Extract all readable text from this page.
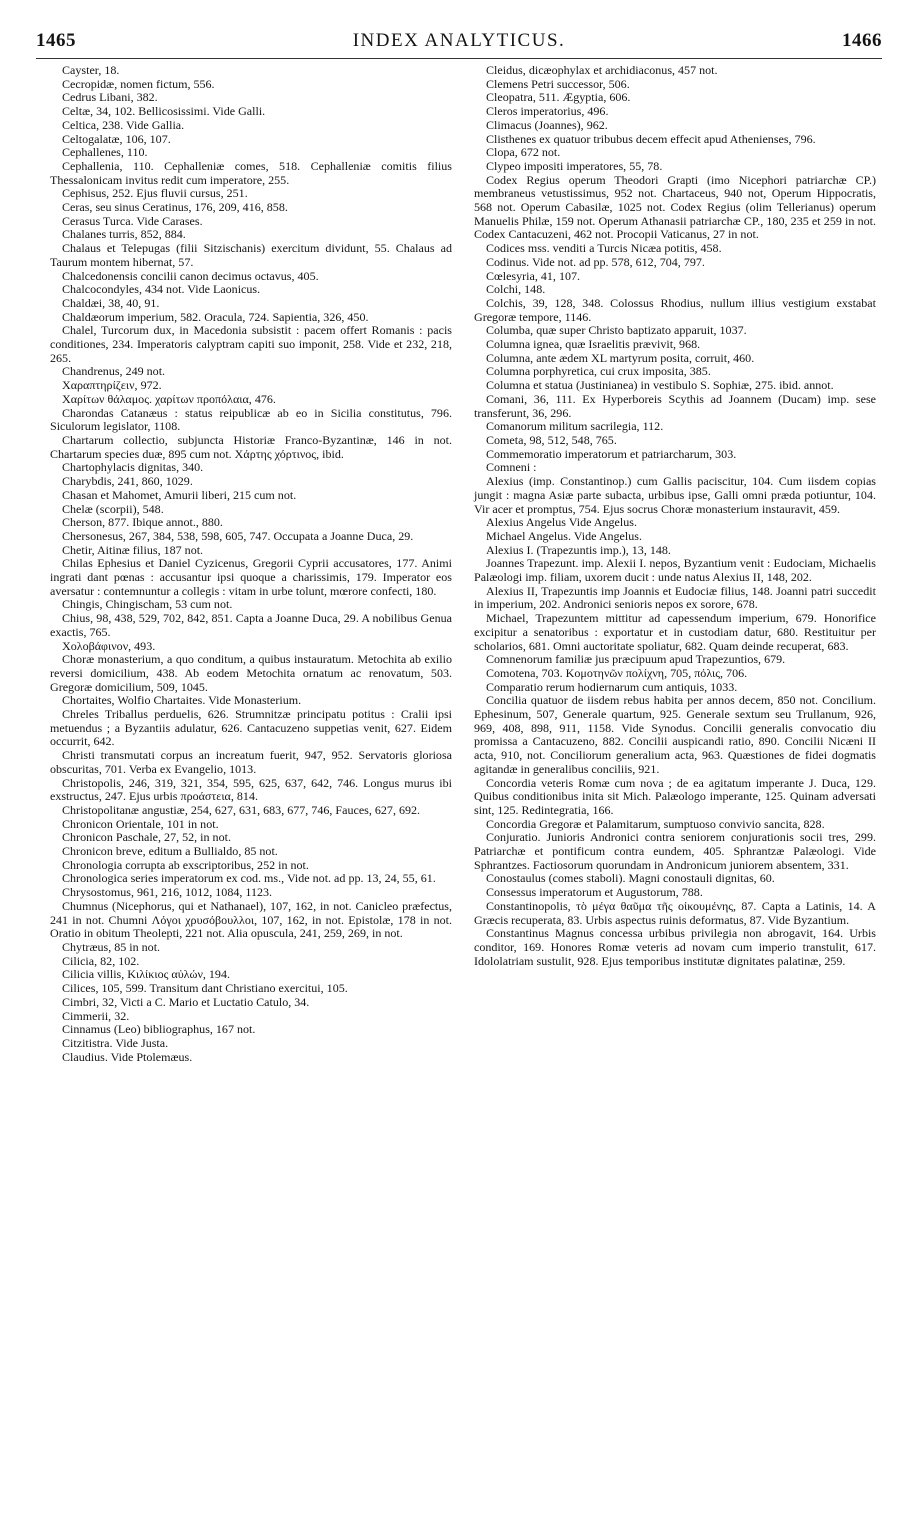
INDEX ANALYTICUS.
1465	1466

Cayster, 18.

Cecropidæ, nomen fictum, 556.

Cedrus Libani, 382.

Celtæ, 34, 102. Bellicosissimi. Vide Galli.

Celtica, 238. Vide Gallia.

Celtogalatæ, 106, 107.

Cephallenes, 110.

Cephallenia, 110. Cephalleniæ comes, 518. Cephalleniæ comitis filius Thessalonicam invitus redit cum imperatore, 255.

Cephisus, 252. Ejus fluvii cursus, 251.

Ceras, seu sinus Ceratinus, 176, 209, 416, 858.

Cerasus Turca. Vide Carases.

Chalanes turris, 852, 884.

Chalaus et Telepugas (filii Sitzischanis) exercitum dividunt, 55. Chalaus ad Taurum montem hibernat, 57.

Chalcedonensis concilii canon decimus octavus, 405.

Chalcocondyles, 434 not. Vide Laonicus.

Chaldæi, 38, 40, 91.

Chaldæorum imperium, 582. Oracula, 724. Sapientia, 326, 450.

Chalel, Turcorum dux, in Macedonia subsistit : pacem offert Romanis : pacis conditiones, 234. Imperatoris calyptram capiti suo imponit, 258. Vide et 232, 218, 265.

Chandrenus, 249 not.

Χαραπτηρίζειν, 972.

Χαρίτων θάλαμος. χαρίτων προπόλαια, 476.

Charondas Catanæus : status reipublicæ ab eo in Sicilia constitutus, 796. Siculorum legislator, 1108.

Chartarum collectio, subjuncta Historiæ Franco-Byzantinæ, 146 in not. Chartarum species duæ, 895 cum not. Χάρτης χόρτινος, ibid.

Chartophylacis dignitas, 340.

Charybdis, 241, 860, 1029.

Chasan et Mahomet, Amurii liberi, 215 cum not.

Chelæ (scorpii), 548.

Cherson, 877. Ibique annot., 880.

Chersonesus, 267, 384, 538, 598, 605, 747. Occupata a Joanne Duca, 29.

Chetir, Aitinæ filius, 187 not.

Chilas Ephesius et Daniel Cyzicenus, Gregorii Cyprii accusatores, 177. Animi ingrati dant pœnas : accusantur ipsi quoque a charissimis, 179. Imperator eos aversatur : contemnuntur a collegis : vitam in urbe tolunt, mœrore confecti, 180.

Chingis, Chingischam, 53 cum not.

Chius, 98, 438, 529, 702, 842, 851. Capta a Joanne Duca, 29. A nobilibus Genua exactis, 765.

Χολοβάφινον, 493.

Choræ monasterium, a quo conditum, a quibus instauratum. Metochita ab exilio reversi domicilium, 438. Ab eodem Metochita ornatum ac renovatum, 503. Gregoræ domicilium, 509, 1045.

Chortaites, Wolfio Chartaites. Vide Monasterium.

Chreles Triballus perduelis, 626. Strumnitzæ principatu potitus : Cralii ipsi metuendus ; a Byzantiis adulatur, 626. Cantacuzeno suppetias venit, 627. Eidem occurrit, 642.

Christi transmutati corpus an increatum fuerit, 947, 952. Servatoris gloriosa obscuritas, 701. Verba ex Evangelio, 1013.

Christopolis, 246, 319, 321, 354, 595, 625, 637, 642, 746. Longus murus ibi exstructus, 247. Ejus urbis προάστεια, 814.

Christopolitanæ angustiæ, 254, 627, 631, 683, 677, 746, Fauces, 627, 692.

Chronicon Orientale, 101 in not.

Chronicon Paschale, 27, 52, in not.

Chronicon breve, editum a Bullialdo, 85 not.

Chronologia corrupta ab exscriptoribus, 252 in not.

Chronologica series imperatorum ex cod. ms., Vide not. ad pp. 13, 24, 55, 61.

Chrysostomus, 961, 216, 1012, 1084, 1123.

Chumnus (Nicephorus, qui et Nathanael), 107, 162, in not. Caniclео præfectus, 241 in not. Chumni Λόγοι χρυσόβουλλοι, 107, 162, in not. Epistolæ, 178 in not. Oratio in obitum Theolepti, 221 not. Alia opuscula, 241, 259, 269, in not.

Chytræus, 85 in not.

Cilicia, 82, 102.

Cilicia villis, Κιλίκιος αὐλών, 194.

Cilices, 105, 599. Transitum dant Christiano exercitui, 105.

Cimbri, 32, Victi a C. Mario et Luctatio Catulo, 34.

Cimmerii, 32.

Cinnamus (Leo) bibliographus, 167 not.

Citzitistra. Vide Justa.

Claudius. Vide Ptolemæus.

Cleidus, dicæophylax et archidiaconus, 457 not.

Clemens Petri successor, 506.

Cleopatra, 511. Ægyptia, 606.

Cleros imperatorius, 496.

Climacus (Joannes), 962.

Clisthenes ex quatuor tribubus decem effecit apud Athenienses, 796.

Clopa, 672 not.

Clypeo impositi imperatores, 55, 78.

Codex Regius operum Theodori Grapti (imo Nicephori patriarchæ CP.) membraneus vetustissimus, 952 not. Chartaceus, 940 not, Operum Hippocratis, 568 not. Operum Cabasilæ, 1025 not. Codex Regius (olim Tellerianus) operum Manuelis Philæ, 159 not. Operum Athanasii patriarchæ CP., 180, 235 et 259 in not. Codex Cantacuzeni, 462 not. Procopii Vaticanus, 27 in not.

Codices mss. venditi a Turcis Nicæa potitis, 458.

Codinus. Vide not. ad pp. 578, 612, 704, 797.

Cœlesyria, 41, 107.

Colchi, 148.

Colchis, 39, 128, 348. Colossus Rhodius, nullum illius vestigium exstabat Gregoræ tempore, 1146.

Columba, quæ super Christo baptizato apparuit, 1037.

Columna ignea, quæ Israelitis prævivit, 968.

Columna, ante ædem XL martyrum posita, corruit, 460.

Columna porphyretica, cui crux imposita, 385.

Columna et statua (Justinianea) in vestibulo S. Sophiæ, 275. ibid. annot.

Comani, 36, 111. Ex Hyperboreis Scythis ad Joannem (Ducam) imp. sese transferunt, 36, 296.

Comanorum militum sacrilegia, 112.

Cometa, 98, 512, 548, 765.

Commemoratio imperatorum et patriarcharum, 303.

Comneni :

Alexius (imp. Constantinop.) cum Gallis paciscitur, 104. Cum iisdem copias jungit : magna Asiæ parte subacta, urbibus ipse, Galli omni præda potiuntur, 104. Vir acer et promptus, 754. Ejus socrus Choræ monasterium instauravit, 459.

Alexius Angelus Vide Angelus.

Michael Angelus. Vide Angelus.

Alexius I. (Trapezuntis imp.), 13, 148.

Joannes Trapezunt. imp. Alexii I. nepos, Byzantium venit : Eudociam, Michaelis Palæologi imp. filiam, uxorem ducit : unde natus Alexius II, 148, 202.

Alexius II, Trapezuntis imp Joannis et Eudociæ filius, 148. Joanni patri succedit in imperium, 202. Andronici senioris nepos ex sorore, 678.

Michael, Trapezuntem mittitur ad capessendum imperium, 679. Honorifice excipitur a senatoribus : exportatur et in custodiam datur, 680. Restituitur per scholarios, 681. Omni auctoritate spoliatur, 682. Quam deinde recuperat, 683.

Comnenorum familiæ jus præcipuum apud Trapezuntios, 679.

Comotena, 703. Κομοτηνῶν πολίχνη, 705, πόλις, 706.

Comparatio rerum hodiernarum cum antiquis, 1033.

Concilia quatuor de iisdem rebus habita per annos decem, 850 not. Concilium. Ephesinum, 507, Generale quartum, 925. Generale sextum seu Trullanum, 926, 969, 408, 898, 911, 1158. Vide Synodus. Concilii generalis convocatio diu promissa a Cantacuzeno, 882. Concilii auspicandi ratio, 890. Concilii Nicæni II acta, 910, not. Conciliorum generalium acta, 963. Quæstiones de fidei dogmatis agitandæ in generalibus conciliis, 921.

Concordia veteris Romæ cum nova ; de ea agitatum imperante J. Duca, 129. Quibus conditionibus inita sit Mich. Palæologo imperante, 125. Quinam adversati sint, 125. Redintegratia, 166.

Concordia Gregoræ et Palamitarum, sumptuoso convivio sancita, 828.

Conjuratio. Junioris Andronici contra seniorem conjurationis socii tres, 299. Patriarchæ et pontificum contra eundem, 405. Sphrantzæ Palæologi. Vide Sphrantzes. Factiosorum quorundam in Andronicum juniorem absentem, 331.

Conostaulus (comes staboli). Magni conostauli dignitas, 60.

Consessus imperatorum et Augustorum, 788.

Constantinopolis, τὸ μέγα θαῦμα τῆς οἰκουμένης, 87. Capta a Latinis, 14. A Græcis recuperata, 83. Urbis aspectus ruinis deformatus, 87. Vide Byzantium.

Constantinus Magnus concessa urbibus privilegia non abrogavit, 164. Urbis conditor, 169. Honores Romæ veteris ad novam cum imperio transtulit, 617. Idololatriam sustulit, 928. Ejus temporibus institutæ dignitates palatinæ, 259.
